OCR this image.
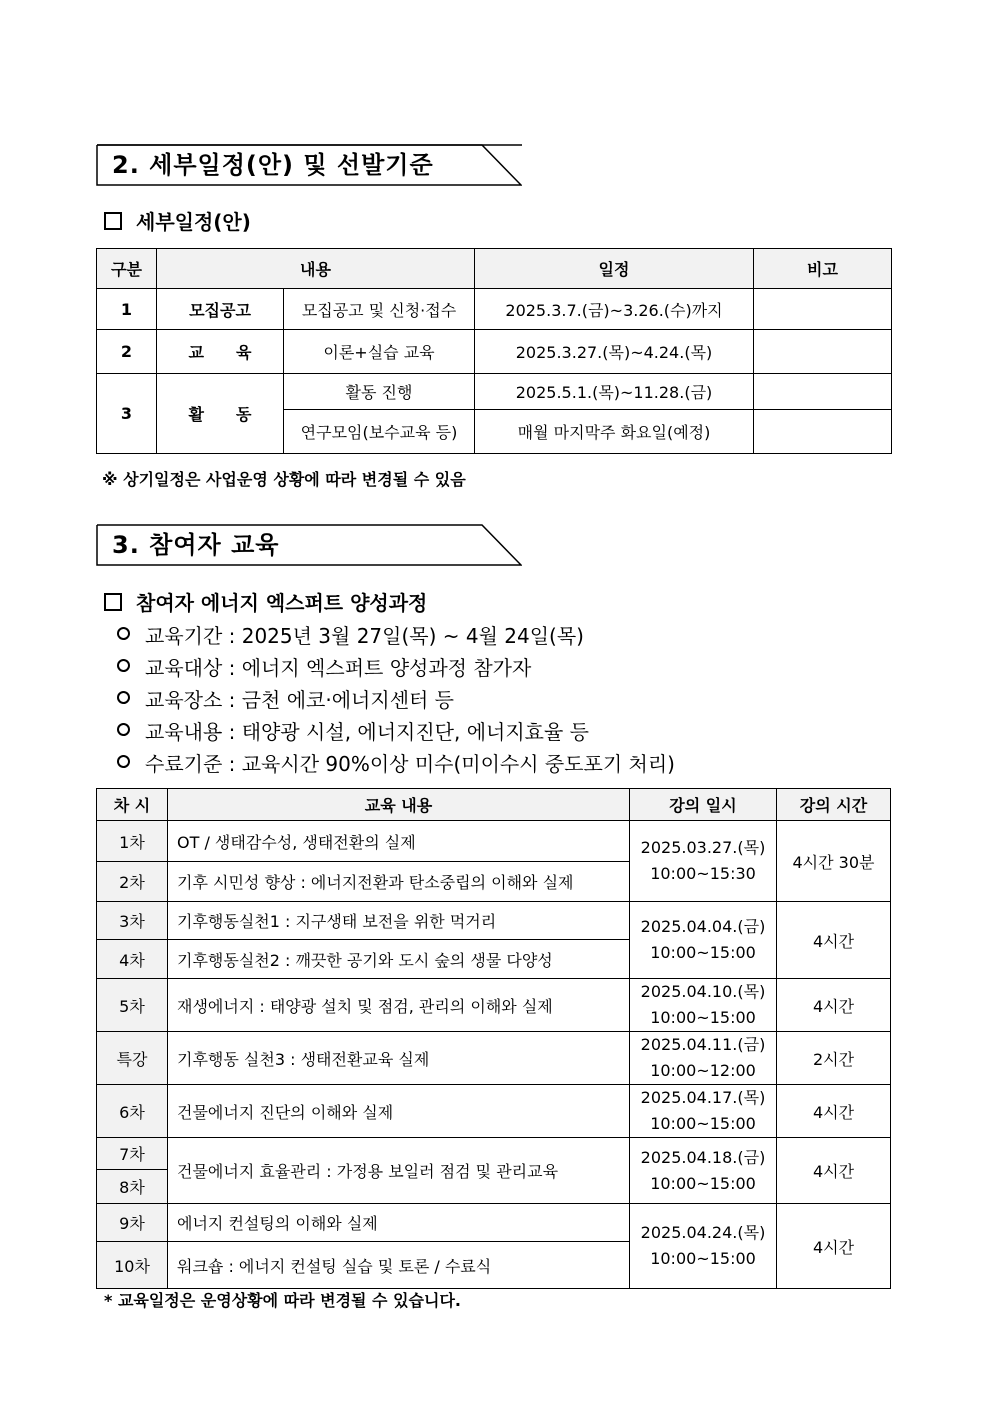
2. 세부일정(안) 및 선발기준
세부일정(안)
구분	내용		일정	비고
1	모집공고	모집공고 및 신청·접수	2025.3.7.(금)~3.26.(수)까지	
2	교　　육	이론+실습 교육	2025.3.27.(목)~4.24.(목)	
3	활　　동	활동 진행	2025.5.1.(목)~11.28.(금)	
		연구모임(보수교육 등)	매월 마지막주 화요일(예정)	
※ 상기일정은 사업운영 상황에 따라 변경될 수 있음
3. 참여자 교육
참여자 에너지 엑스퍼트 양성과정
교육기간 : 2025년 3월 27일(목) ~ 4월 24일(목)
교육대상 : 에너지 엑스퍼트 양성과정 참가자
교육장소 : 금천 에코·에너지센터 등
교육내용 : 태양광 시설, 에너지진단, 에너지효율 등
수료기준 : 교육시간 90%이상 미수(미이수시 중도포기 처리)
차 시	교육 내용	강의 일시	강의 시간
1차	OT / 생태감수성, 생태전환의 실제	2025.03.27.(목)
10:00~15:30	4시간 30분
2차	기후 시민성 향상 : 에너지전환과 탄소중립의 이해와 실제		
3차	기후행동실천1 : 지구생태 보전을 위한 먹거리	2025.04.04.(금)
10:00~15:00	4시간
4차	기후행동실천2 : 깨끗한 공기와 도시 숲의 생물 다양성		
5차	재생에너지 : 태양광 설치 및 점검, 관리의 이해와 실제	2025.04.10.(목)
10:00~15:00	4시간
특강	기후행동 실천3 : 생태전환교육 실제	2025.04.11.(금)
10:00~12:00	2시간
6차	건물에너지 진단의 이해와 실제	2025.04.17.(목)
10:00~15:00	4시간
7차	건물에너지 효율관리 : 가정용 보일러 점검 및 관리교육	2025.04.18.(금)
10:00~15:00	4시간
8차			
9차	에너지 컨설팅의 이해와 실제	2025.04.24.(목)
10:00~15:00	4시간
10차	워크숍 : 에너지 컨설팅 실습 및 토론 / 수료식		
* 교육일정은 운영상황에 따라 변경될 수 있습니다.
